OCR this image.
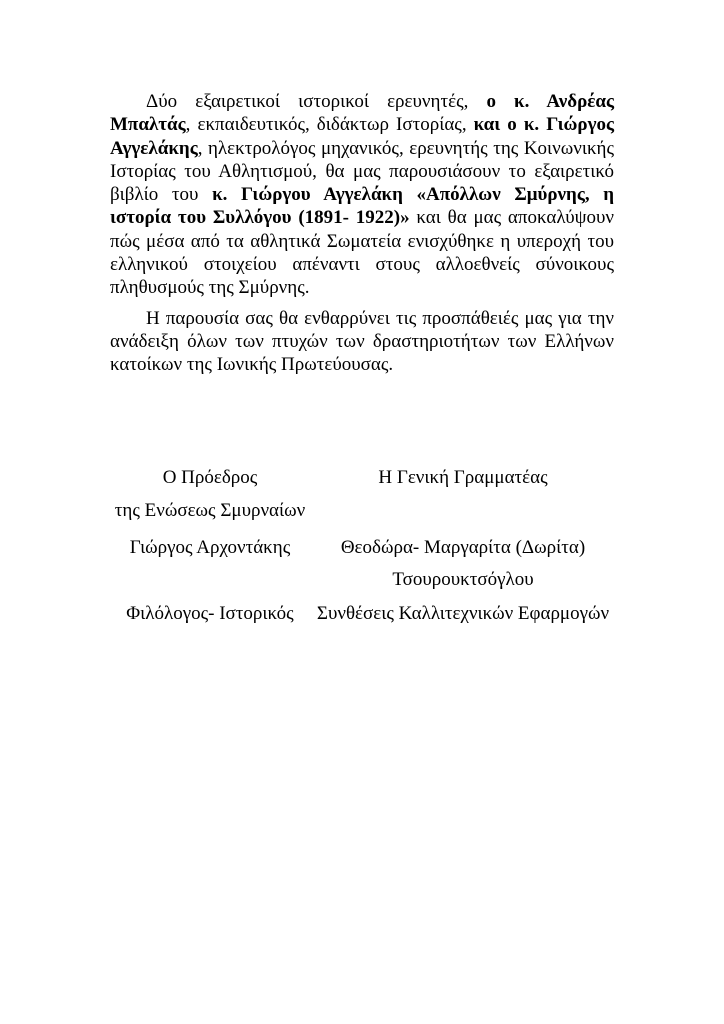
Δύο εξαιρετικοί ιστορικοί ερευνητές, ο κ. Ανδρέας Μπαλτάς, εκπαιδευτικός, διδάκτωρ Ιστορίας, και ο κ. Γιώργος Αγγελάκης, ηλεκτρολόγος μηχανικός, ερευνητής της Κοινωνικής Ιστορίας του Αθλητισμού, θα μας παρουσιάσουν το εξαιρετικό βιβλίο του κ. Γιώργου Αγγελάκη «Απόλλων Σμύρνης, η ιστορία του Συλλόγου (1891- 1922)» και θα μας αποκαλύψουν πώς μέσα από τα αθλητικά Σωματεία ενισχύθηκε η υπεροχή του ελληνικού στοιχείου απέναντι στους αλλοεθνείς σύνοικους πληθυσμούς της Σμύρνης.

Η παρουσία σας θα ενθαρρύνει τις προσπάθειές μας για την ανάδειξη όλων των πτυχών των δραστηριοτήτων των Ελλήνων κατοίκων της Ιωνικής Πρωτεύουσας.

Ο Πρόεδρος	Η Γενική Γραμματέας
της Ενώσεως Σμυρναίων
Γιώργος Αρχοντάκης	Θεοδώρα- Μαργαρίτα (Δωρίτα)
Τσουρουκτσόγλου
Φιλόλογος- Ιστορικός	Συνθέσεις Καλλιτεχνικών Εφαρμογών
